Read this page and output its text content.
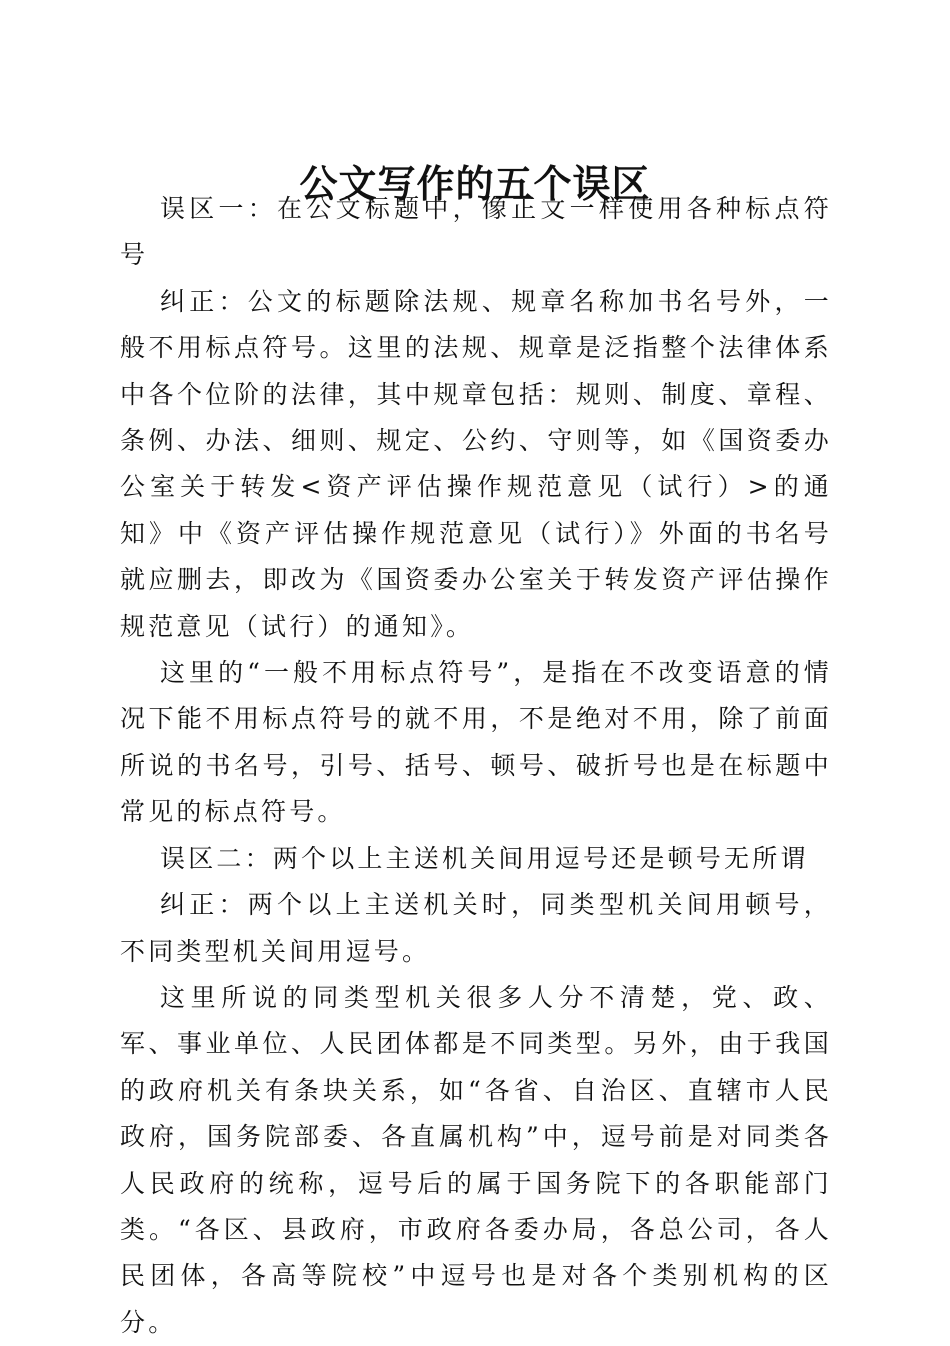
公文写作的五个误区

误区一：在公文标题中，像正文一样使用各种标点符号

纠正：公文的标题除法规、规章名称加书名号外，一般不用标点符号。这里的法规、规章是泛指整个法律体系中各个位阶的法律，其中规章包括：规则、制度、章程、条例、办法、细则、规定、公约、守则等，如《国资委办公室关于转发<资产评估操作规范意见（试行）>的通知》中《资产评估操作规范意见（试行）》外面的书名号就应删去，即改为《国资委办公室关于转发资产评估操作规范意见（试行）的通知》。

这里的“一般不用标点符号”，是指在不改变语意的情况下能不用标点符号的就不用，不是绝对不用，除了前面所说的书名号，引号、括号、顿号、破折号也是在标题中常见的标点符号。

误区二：两个以上主送机关间用逗号还是顿号无所谓

纠正：两个以上主送机关时，同类型机关间用顿号，不同类型机关间用逗号。

这里所说的同类型机关很多人分不清楚，党、政、军、事业单位、人民团体都是不同类型。另外，由于我国的政府机关有条块关系，如“各省、自治区、直辖市人民政府，国务院部委、各直属机构”中，逗号前是对同类各人民政府的统称，逗号后的属于国务院下的各职能部门类。“各区、县政府，市政府各委办局，各总公司，各人民团体，各高等院校”中逗号也是对各个类别机构的区分。
